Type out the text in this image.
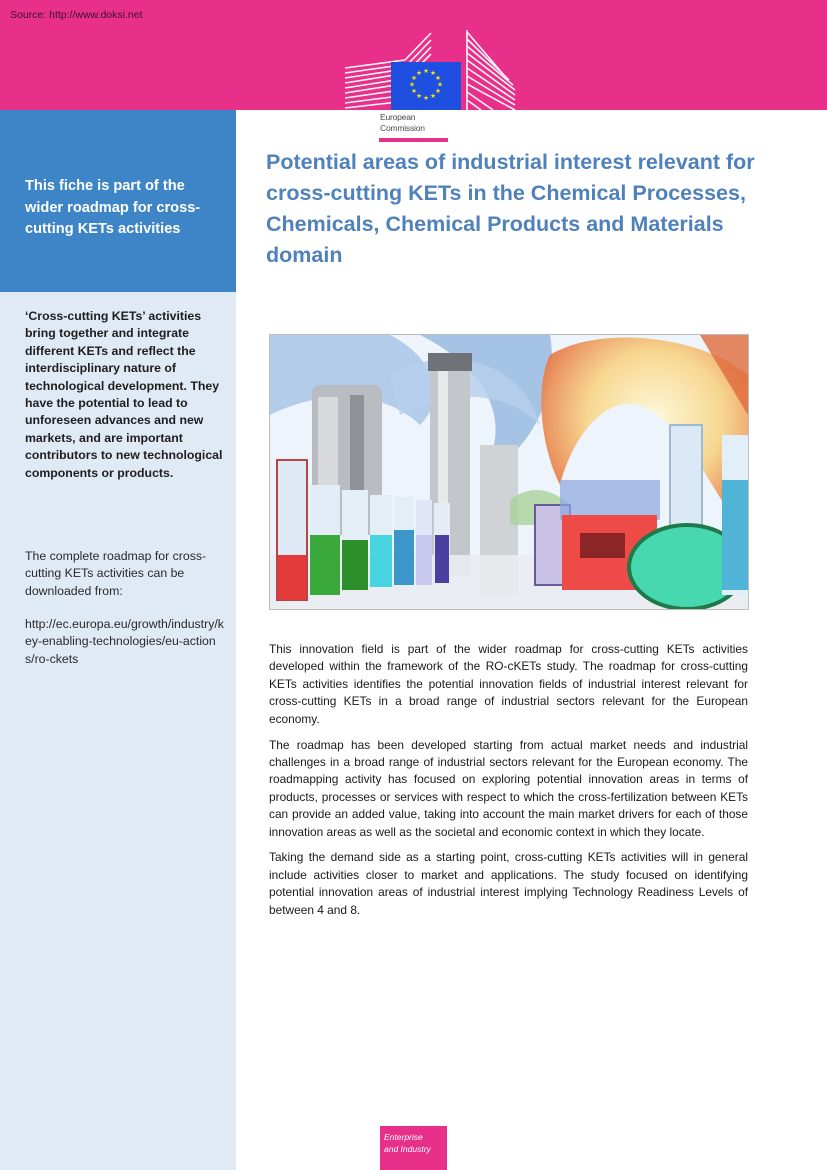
Source: http://www.doksi.net
★ ★
★
★
★
★
★
★
★
★
★
★
European
Commission
This fiche is part of the wider roadmap for cross-cutting KETs activities
‘Cross-cutting KETs’ activities bring together and integrate different KETs and reflect the interdisciplinary nature of technological development. They have the potential to lead to unforeseen advances and new markets, and are important contributors to new technological components or products.
The complete roadmap for cross-cutting KETs activities can be downloaded from:
http://ec.europa.eu/growth/industry/key-enabling-technologies/eu-actions/ro-ckets
Potential areas of industrial interest relevant for cross-cutting KETs in the Chemical Processes, Chemicals, Chemical Products and Materials domain

This innovation field is part of the wider roadmap for cross-cutting KETs activities developed within the framework of the RO-cKETs study. The roadmap for cross-cutting KETs activities identifies the potential innovation fields of industrial interest relevant for cross-cutting KETs in a broad range of industrial sectors relevant for the European economy.

The roadmap has been developed starting from actual market needs and industrial challenges in a broad range of industrial sectors relevant for the European economy. The roadmapping activity has focused on exploring potential innovation areas in terms of products, processes or services with respect to which the cross-fertilization between KETs can provide an added value, taking into account the main market drivers for each of those innovation areas as well as the societal and economic context in which they locate.

Taking the demand side as a starting point, cross-cutting KETs activities will in general include activities closer to market and applications. The study focused on identifying potential innovation areas of industrial interest implying Technology Readiness Levels of between 4 and 8.

Enterprise
and Industry
